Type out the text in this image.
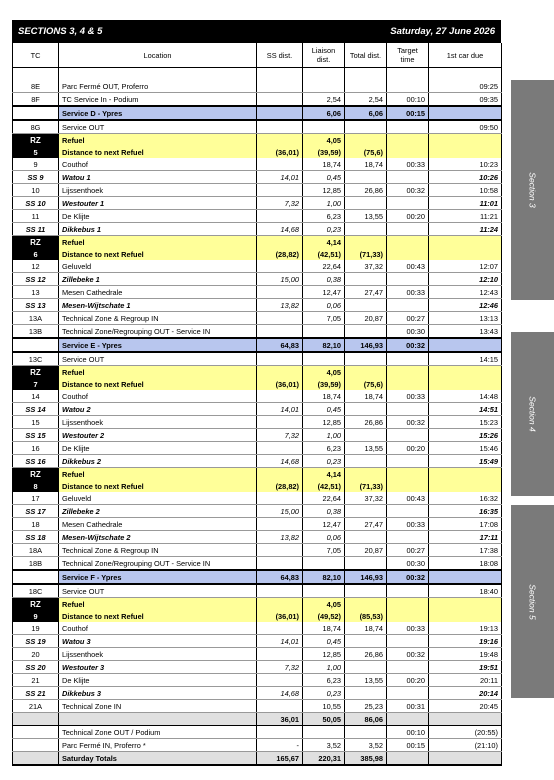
SECTIONS 3, 4 & 5	Saturday, 27 June 2026
TC	Location	SS dist.	Liaison dist.	Total dist.	Target time	1st car due

8E	Parc Fermé OUT, Proferro					09:25
8F	TC Service In - Podium		2,54	2,54	00:10	09:35
	Service D - Ypres		6,06	6,06	00:15	
8G	Service OUT					09:50
RZ	Refuel		4,05			
5	Distance to next Refuel	(36,01)	(39,59)	(75,6)		
9	Couthof		18,74	18,74	00:33	10:23
SS 9	Watou 1	14,01	0,45			10:26
10	Lijssenthoek		12,85	26,86	00:32	10:58
SS 10	Westouter 1	7,32	1,00			11:01
11	De Klijte		6,23	13,55	00:20	11:21
SS 11	Dikkebus 1	14,68	0,23			11:24
RZ	Refuel		4,14			
6	Distance to next Refuel	(28,82)	(42,51)	(71,33)		
12	Geluveld		22,64	37,32	00:43	12:07
SS 12	Zillebeke 1	15,00	0,38			12:10
13	Mesen Cathedrale		12,47	27,47	00:33	12:43
SS 13	Mesen-Wijtschate 1	13,82	0,06			12:46
13A	Technical Zone & Regroup IN		7,05	20,87	00:27	13:13
13B	Technical Zone/Regrouping OUT - Service IN				00:30	13:43
	Service E - Ypres	64,83	82,10	146,93	00:32	
13C	Service OUT					14:15
RZ	Refuel		4,05			
7	Distance to next Refuel	(36,01)	(39,59)	(75,6)		
14	Couthof		18,74	18,74	00:33	14:48
SS 14	Watou 2	14,01	0,45			14:51
15	Lijssenthoek		12,85	26,86	00:32	15:23
SS 15	Westouter 2	7,32	1,00			15:26
16	De Klijte		6,23	13,55	00:20	15:46
SS 16	Dikkebus 2	14,68	0,23			15:49
RZ	Refuel		4,14			
8	Distance to next Refuel	(28,82)	(42,51)	(71,33)		
17	Geluveld		22,64	37,32	00:43	16:32
SS 17	Zillebeke 2	15,00	0,38			16:35
18	Mesen Cathedrale		12,47	27,47	00:33	17:08
SS 18	Mesen-Wijtschate 2	13,82	0,06			17:11
18A	Technical Zone & Regroup IN		7,05	20,87	00:27	17:38
18B	Technical Zone/Regrouping OUT - Service IN				00:30	18:08
	Service F - Ypres	64,83	82,10	146,93	00:32	
18C	Service OUT					18:40
RZ	Refuel		4,05			
9	Distance to next Refuel	(36,01)	(49,52)	(85,53)		
19	Couthof		18,74	18,74	00:33	19:13
SS 19	Watou 3	14,01	0,45			19:16
20	Lijssenthoek		12,85	26,86	00:32	19:48
SS 20	Westouter 3	7,32	1,00			19:51
21	De Klijte		6,23	13,55	00:20	20:11
SS 21	Dikkebus 3	14,68	0,23			20:14
21A	Technical Zone IN		10,55	25,23	00:31	20:45
		36,01	50,05	86,06		
	Technical Zone OUT / Podium				00:10	(20:55)
	Parc Fermé IN, Proferro *	-	3,52	3,52	00:15	(21:10)
	Saturday Totals	165,67	220,31	385,98		
Section 3
Section 4
Section 5
